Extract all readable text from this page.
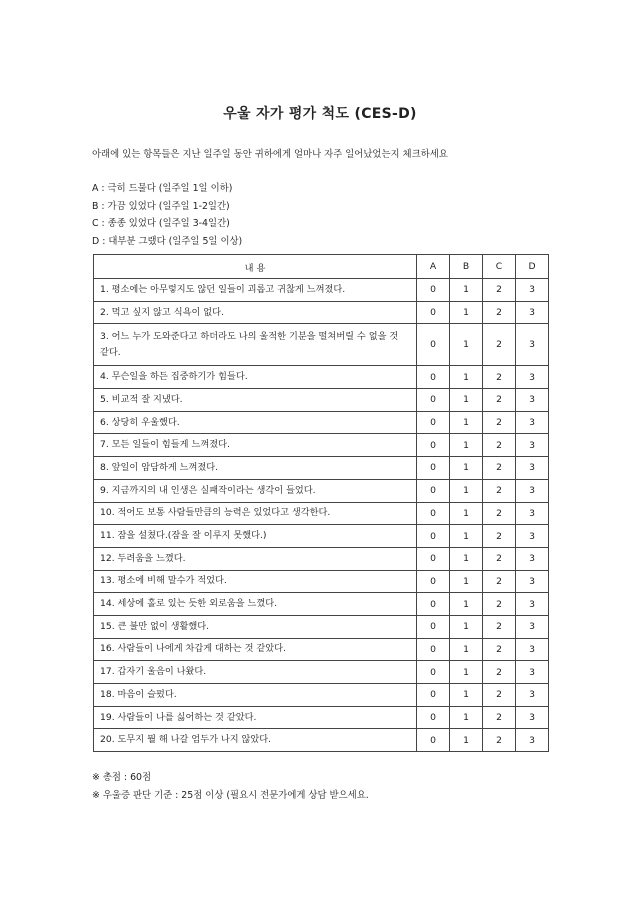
우울 자가 평가 척도 (CES-D)
아래에 있는 항목들은 지난 일주일 동안 귀하에게 얼마나 자주 일어났었는지 체크하세요
A : 극히 드물다 (일주일 1일 이하)
B : 가끔 있었다 (일주일 1-2일간)
C : 종종 있었다 (일주일 3-4일간)
D : 대부분 그랬다 (일주일 5일 이상)
내 용	A	B	C	D
1. 평소에는 아무렇지도 않던 일들이 괴롭고 귀찮게 느껴졌다.	0	1	2	3
2. 먹고 싶지 않고 식욕이 없다.	0	1	2	3
3. 어느 누가 도와준다고 하더라도 나의 울적한 기분을 떨쳐버릴 수 없을 것 같다.	0	1	2	3
4. 무슨일을 하든 집중하기가 힘들다.	0	1	2	3
5. 비교적 잘 지냈다.	0	1	2	3
6. 상당히 우울했다.	0	1	2	3
7. 모든 일들이 힘들게 느껴졌다.	0	1	2	3
8. 앞일이 암담하게 느껴졌다.	0	1	2	3
9. 지금까지의 내 인생은 실패작이라는 생각이 들었다.	0	1	2	3
10. 적어도 보통 사람들만큼의 능력은 있었다고 생각한다.	0	1	2	3
11. 잠을 설쳤다.(잠을 잘 이루지 못했다.)	0	1	2	3
12. 두려움을 느꼈다.	0	1	2	3
13. 평소에 비해 말수가 적었다.	0	1	2	3
14. 세상에 홀로 있는 듯한 외로움을 느꼈다.	0	1	2	3
15. 큰 불만 없이 생활했다.	0	1	2	3
16. 사람들이 나에게 차갑게 대하는 것 같았다.	0	1	2	3
17. 갑자기 울음이 나왔다.	0	1	2	3
18. 마음이 슬펐다.	0	1	2	3
19. 사람들이 나를 싫어하는 것 같았다.	0	1	2	3
20. 도무지 뭘 해 나갈 엄두가 나지 않았다.	0	1	2	3
※ 총점 : 60점
※ 우울증 판단 기준 : 25점 이상 (필요시 전문가에게 상담 받으세요.
